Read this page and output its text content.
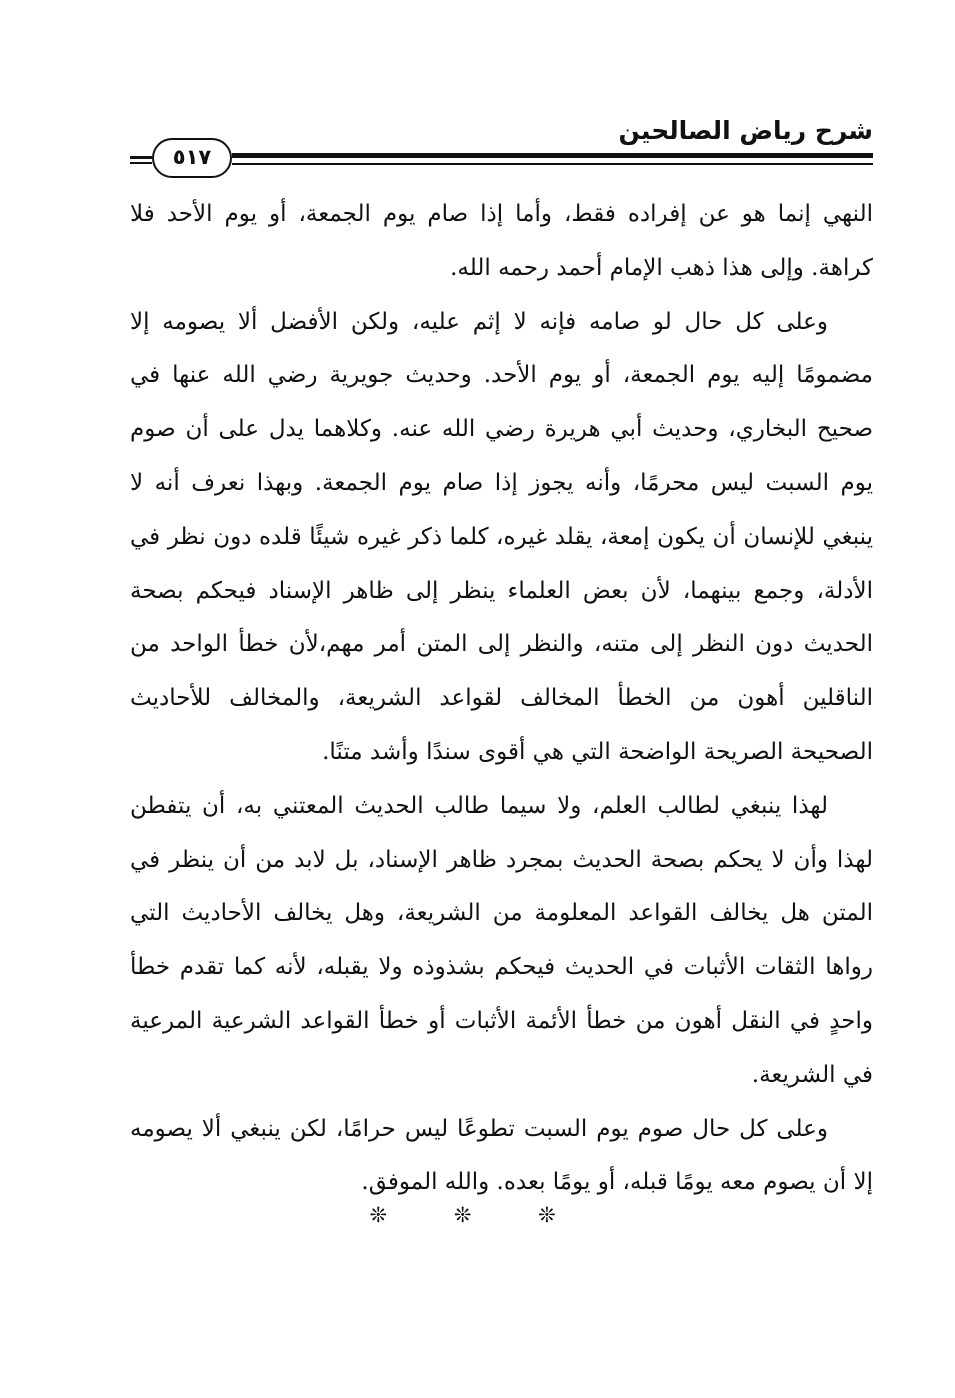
شرح رياض الصالحين
٥١٧

النهي إنما هو عن إفراده فقط، وأما إذا صام يوم الجمعة، أو يوم الأحد فلا كراهة. وإلى هذا ذهب الإمام أحمد رحمه الله.

وعلى كل حال لو صامه فإنه لا إثم عليه، ولكن الأفضل ألا يصومه إلا مضمومًا إليه يوم الجمعة، أو يوم الأحد. وحديث جويرية رضي الله عنها في صحيح البخاري، وحديث أبي هريرة رضي الله عنه. وكلاهما يدل على أن صوم يوم السبت ليس محرمًا، وأنه يجوز إذا صام يوم الجمعة. وبهذا نعرف أنه لا ينبغي للإنسان أن يكون إمعة، يقلد غيره، كلما ذكر غيره شيئًا قلده دون نظر في الأدلة، وجمع بينهما، لأن بعض العلماء ينظر إلى ظاهر الإسناد فيحكم بصحة الحديث دون النظر إلى متنه، والنظر إلى المتن أمر مهم،لأن خطأ الواحد من الناقلين أهون من الخطأ المخالف لقواعد الشريعة، والمخالف للأحاديث الصحيحة الصريحة الواضحة التي هي أقوى سندًا وأشد متنًا.

لهذا ينبغي لطالب العلم، ولا سيما طالب الحديث المعتني به، أن يتفطن لهذا وأن لا يحكم بصحة الحديث بمجرد ظاهر الإسناد، بل لابد من أن ينظر في المتن هل يخالف القواعد المعلومة من الشريعة، وهل يخالف الأحاديث التي رواها الثقات الأثبات في الحديث فيحكم بشذوذه ولا يقبله، لأنه كما تقدم خطأ واحدٍ في النقل أهون من خطأ الأئمة الأثبات أو خطأ القواعد الشرعية المرعية في الشريعة.

وعلى كل حال صوم يوم السبت تطوعًا ليس حرامًا، لكن ينبغي ألا يصومه إلا أن يصوم معه يومًا قبله، أو يومًا بعده. والله الموفق.

❊ ❊ ❊
